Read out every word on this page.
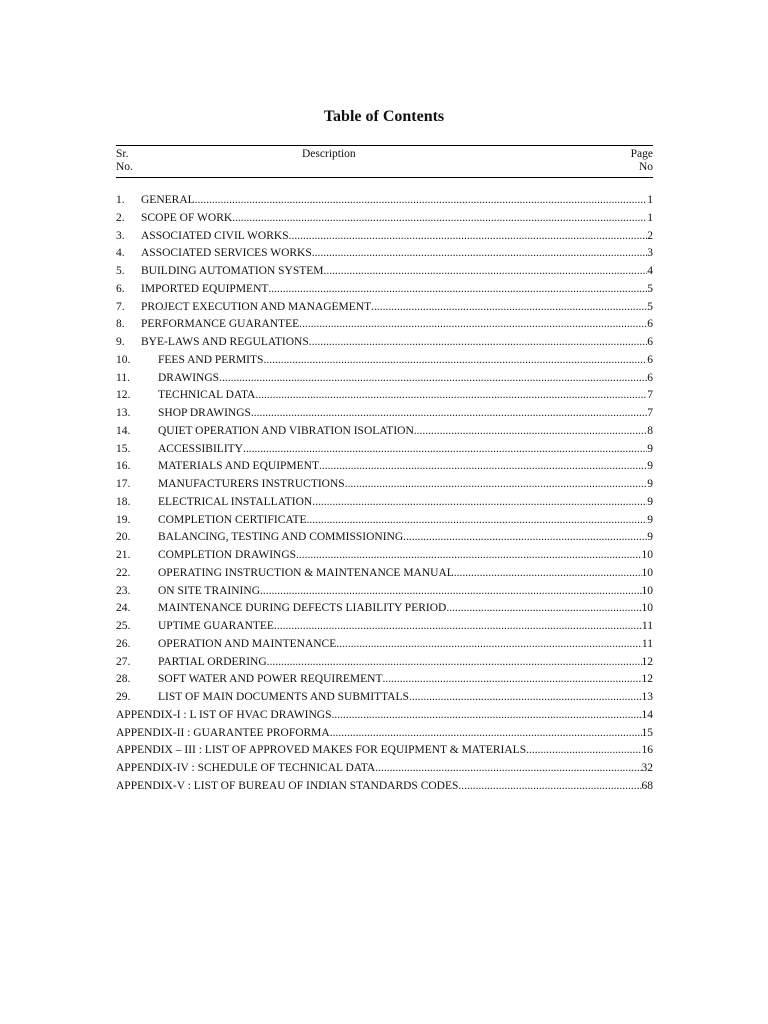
Table of Contents
Sr.
No.
Description	Page
No
1.	GENERAL .....	1
2.	SCOPE OF WORK .....	1
3.	ASSOCIATED CIVIL WORKS .....	2
4.	ASSOCIATED SERVICES WORKS .....	3
5.	BUILDING AUTOMATION SYSTEM .....	4
6.	IMPORTED EQUIPMENT .....	5
7.	PROJECT EXECUTION AND MANAGEMENT .....	5
8.	PERFORMANCE GUARANTEE .....	6
9.	BYE-LAWS AND REGULATIONS .....	6
10.	FEES AND PERMITS .....	6
11.	DRAWINGS .....	6
12.	TECHNICAL DATA .....	7
13.	SHOP DRAWINGS .....	7
14.	QUIET OPERATION AND VIBRATION ISOLATION .....	8
15.	ACCESSIBILITY .....	9
16.	MATERIALS AND EQUIPMENT .....	9
17.	MANUFACTURERS INSTRUCTIONS .....	9
18.	ELECTRICAL INSTALLATION .....	9
19.	COMPLETION CERTIFICATE .....	9
20.	BALANCING, TESTING AND COMMISSIONING .....	9
21.	COMPLETION DRAWINGS .....	10
22.	OPERATING INSTRUCTION & MAINTENANCE MANUAL .....	10
23.	ON SITE TRAINING .....	10
24.	MAINTENANCE DURING DEFECTS LIABILITY PERIOD .....	10
25.	UPTIME GUARANTEE .....	11
26.	OPERATION AND MAINTENANCE .....	11
27.	PARTIAL ORDERING .....	12
28.	SOFT WATER AND POWER REQUIREMENT .....	12
29.	LIST OF MAIN DOCUMENTS AND SUBMITTALS .....	13
APPENDIX-I : L IST OF HVAC DRAWINGS .....	14
APPENDIX-II : GUARANTEE PROFORMA .....	15
APPENDIX – III : LIST OF APPROVED MAKES FOR EQUIPMENT & MATERIALS .....	16
APPENDIX-IV : SCHEDULE OF TECHNICAL DATA .....	32
APPENDIX-V : LIST OF BUREAU OF INDIAN STANDARDS CODES .....	68
